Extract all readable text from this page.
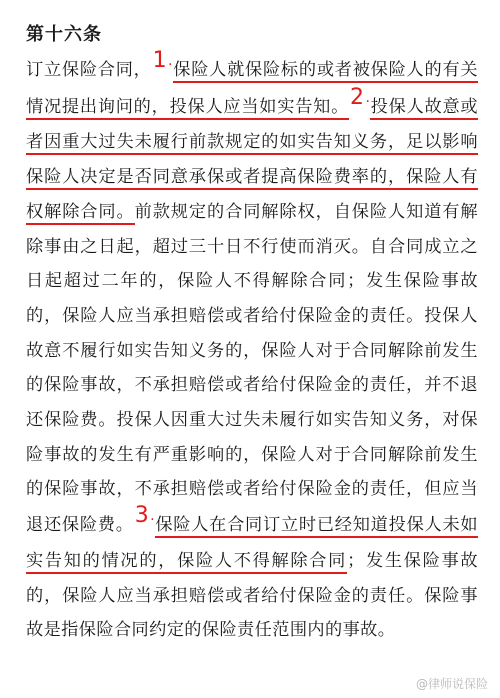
第十六条
订立保险合同，1·保险人就保险标的或者被保险人的有关情况提出询问的，投保人应当如实告知。2·投保人故意或者因重大过失未履行前款规定的如实告知义务，足以影响保险人决定是否同意承保或者提高保险费率的，保险人有权解除合同。前款规定的合同解除权，自保险人知道有解除事由之日起，超过三十日不行使而消灭。自合同成立之日起超过二年的，保险人不得解除合同；发生保险事故的，保险人应当承担赔偿或者给付保险金的责任。投保人故意不履行如实告知义务的，保险人对于合同解除前发生的保险事故，不承担赔偿或者给付保险金的责任，并不退还保险费。投保人因重大过失未履行如实告知义务，对保险事故的发生有严重影响的，保险人对于合同解除前发生的保险事故，不承担赔偿或者给付保险金的责任，但应当退还保险费。3·保险人在合同订立时已经知道投保人未如实告知的情况的，保险人不得解除合同；发生保险事故的，保险人应当承担赔偿或者给付保险金的责任。保险事故是指保险合同约定的保险责任范围内的事故。
@律师说保险
